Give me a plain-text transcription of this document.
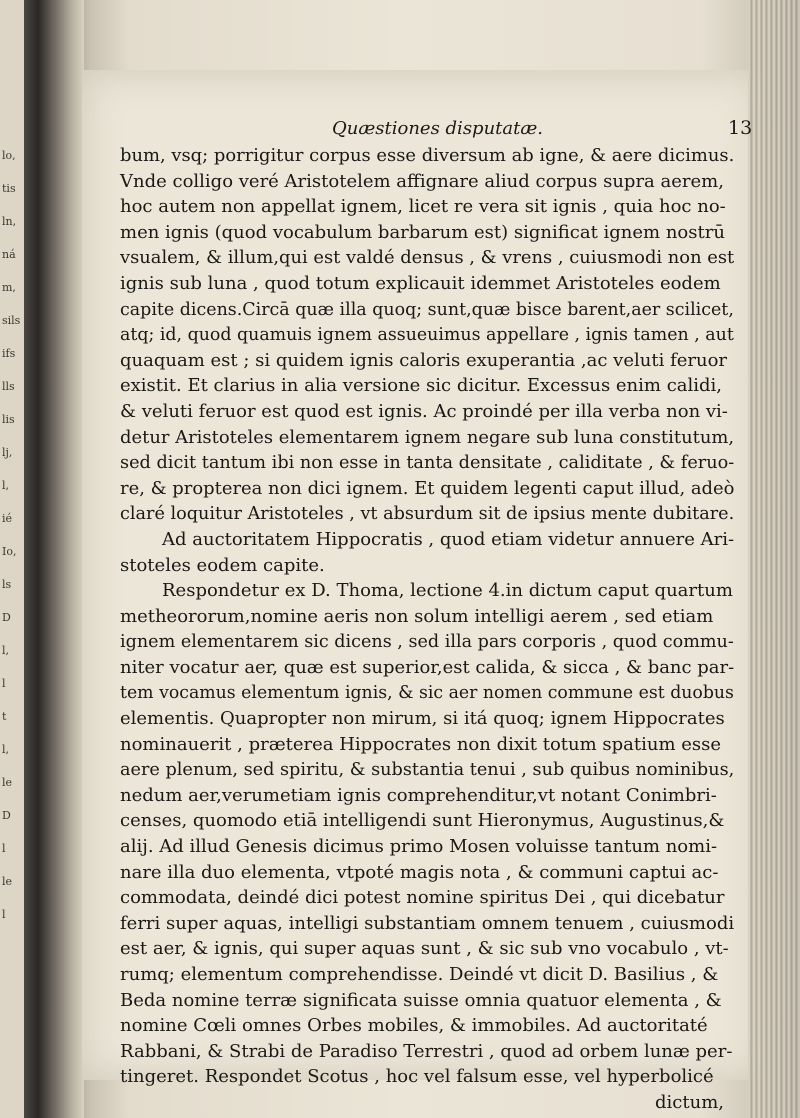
lo,
tis
ln,
ná
m,
sils
ifs
lls
lis
lj,
l,
ié
Io,
ls
D
l,
l
t
l,
le
D
l
le
l
Quæstiones disputatæ.	13
bum, vsq; porrigitur corpus esse diversum ab igne, & aere dicimus.
Vnde colligo veré Aristotelem affignare aliud corpus supra aerem,
hoc autem non appellat ignem, licet re vera sit ignis , quia hoc no-
men ignis (quod vocabulum barbarum est) significat ignem nostrū
vsualem, & illum,qui est valdé densus , & vrens , cuiusmodi non est
ignis sub luna , quod totum explicauit idemmet Aristoteles eodem
capite dicens.Circā quæ illa quoq; sunt,quæ bisce barent,aer scilicet,
atq; id, quod quamuis ignem assueuimus appellare , ignis tamen , aut
quaquam est ; si quidem ignis caloris exuperantia ,ac veluti feruor
existit. Et clarius in alia versione sic dicitur. Excessus enim calidi,
& veluti feruor est quod est ignis. Ac proindé per illa verba non vi-
detur Aristoteles elementarem ignem negare sub luna constitutum,
sed dicit tantum ibi non esse in tanta densitate , caliditate , & feruo-
re, & propterea non dici ignem. Et quidem legenti caput illud, adeò
claré loquitur Aristoteles , vt absurdum sit de ipsius mente dubitare.
Ad auctoritatem Hippocratis , quod etiam videtur annuere Ari-
stoteles eodem capite.
Respondetur ex D. Thoma, lectione 4.in dictum caput quartum
metheororum,nomine aeris non solum intelligi aerem , sed etiam
ignem elementarem sic dicens , sed illa pars corporis , quod commu-
niter vocatur aer, quæ est superior,est calida, & sicca , & banc par-
tem vocamus elementum ignis, & sic aer nomen commune est duobus
elementis. Quapropter non mirum, si itá quoq; ignem Hippocrates
nominauerit , præterea Hippocrates non dixit totum spatium esse
aere plenum, sed spiritu, & substantia tenui , sub quibus nominibus,
nedum aer,verumetiam ignis comprehenditur,vt notant Conimbri-
censes, quomodo etiā intelligendi sunt Hieronymus, Augustinus,&
alij. Ad illud Genesis dicimus primo Mosen voluisse tantum nomi-
nare illa duo elementa, vtpoté magis nota , & communi captui ac-
commodata, deindé dici potest nomine spiritus Dei , qui dicebatur
ferri super aquas, intelligi substantiam omnem tenuem , cuiusmodi
est aer, & ignis, qui super aquas sunt , & sic sub vno vocabulo , vt-
rumq; elementum comprehendisse. Deindé vt dicit D. Basilius , &
Beda nomine terræ significata suisse omnia quatuor elementa , &
nomine Cœli omnes Orbes mobiles, & immobiles. Ad auctoritaté
Rabbani, & Strabi de Paradiso Terrestri , quod ad orbem lunæ per-
tingeret. Respondet Scotus , hoc vel falsum esse, vel hyperbolicé
dictum,
